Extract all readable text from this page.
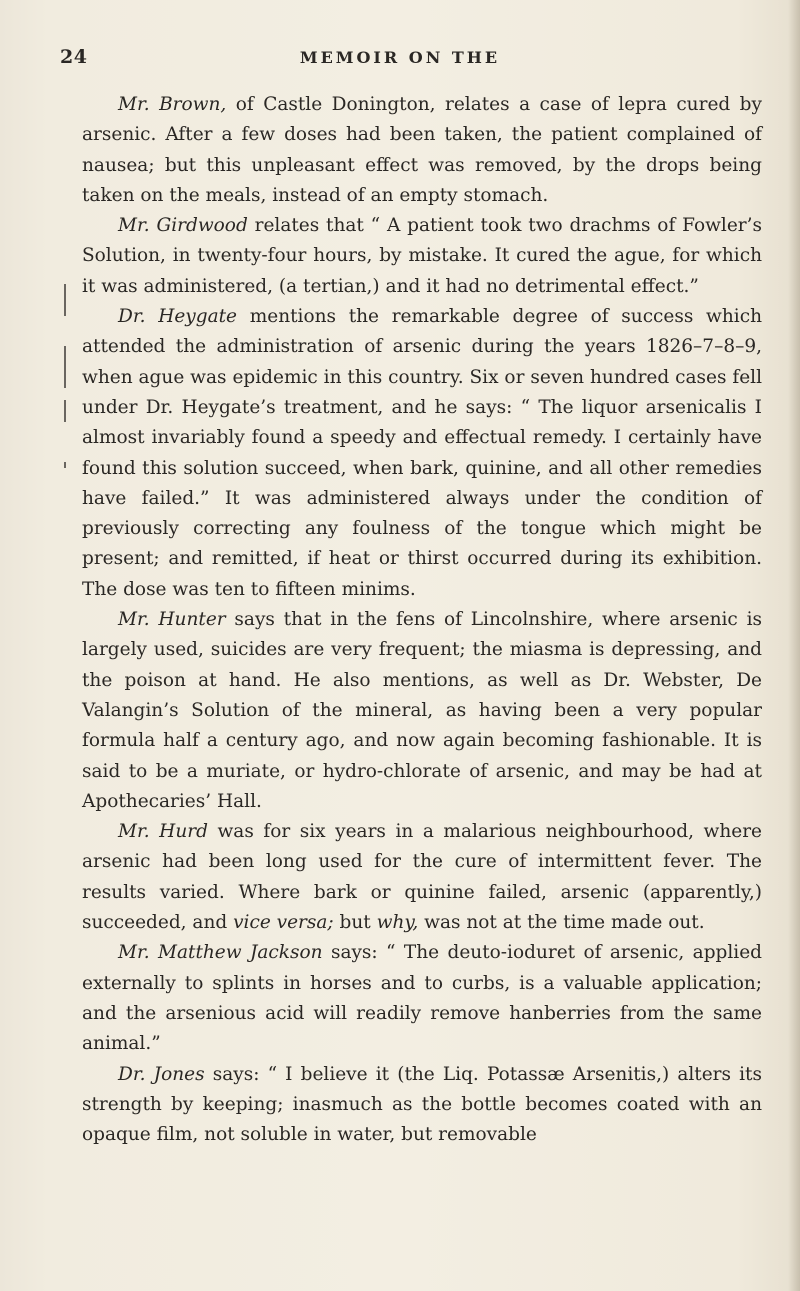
24	MEMOIR ON THE

Mr. Brown, of Castle Donington, relates a case of lepra cured by arsenic. After a few doses had been taken, the patient complained of nausea; but this unpleasant effect was removed, by the drops being taken on the meals, instead of an empty stomach.

Mr. Girdwood relates that “ A patient took two drachms of Fowler’s Solution, in twenty-four hours, by mistake. It cured the ague, for which it was administered, (a tertian,) and it had no detrimental effect.”

Dr. Heygate mentions the remarkable degree of success which attended the administration of arsenic during the years 1826–7–8–9, when ague was epidemic in this country. Six or seven hundred cases fell under Dr. Heygate’s treatment, and he says: “ The liquor arsenicalis I almost invariably found a speedy and effectual remedy. I certainly have found this solution succeed, when bark, quinine, and all other remedies have failed.” It was administered always under the condition of previously correcting any foulness of the tongue which might be present; and remitted, if heat or thirst occurred during its exhibition. The dose was ten to fifteen minims.

Mr. Hunter says that in the fens of Lincolnshire, where arsenic is largely used, suicides are very frequent; the miasma is depressing, and the poison at hand. He also mentions, as well as Dr. Webster, De Valangin’s Solution of the mineral, as having been a very popular formula half a century ago, and now again becoming fashionable. It is said to be a muriate, or hydro-chlorate of arsenic, and may be had at Apothecaries’ Hall.

Mr. Hurd was for six years in a malarious neighbourhood, where arsenic had been long used for the cure of intermittent fever. The results varied. Where bark or quinine failed, arsenic (apparently,) succeeded, and vice versa; but why, was not at the time made out.

Mr. Matthew Jackson says: “ The deuto-ioduret of arsenic, applied externally to splints in horses and to curbs, is a valuable application; and the arsenious acid will readily remove hanberries from the same animal.”

Dr. Jones says: “ I believe it (the Liq. Potassæ Arsenitis,) alters its strength by keeping; inasmuch as the bottle becomes coated with an opaque film, not soluble in water, but removable
